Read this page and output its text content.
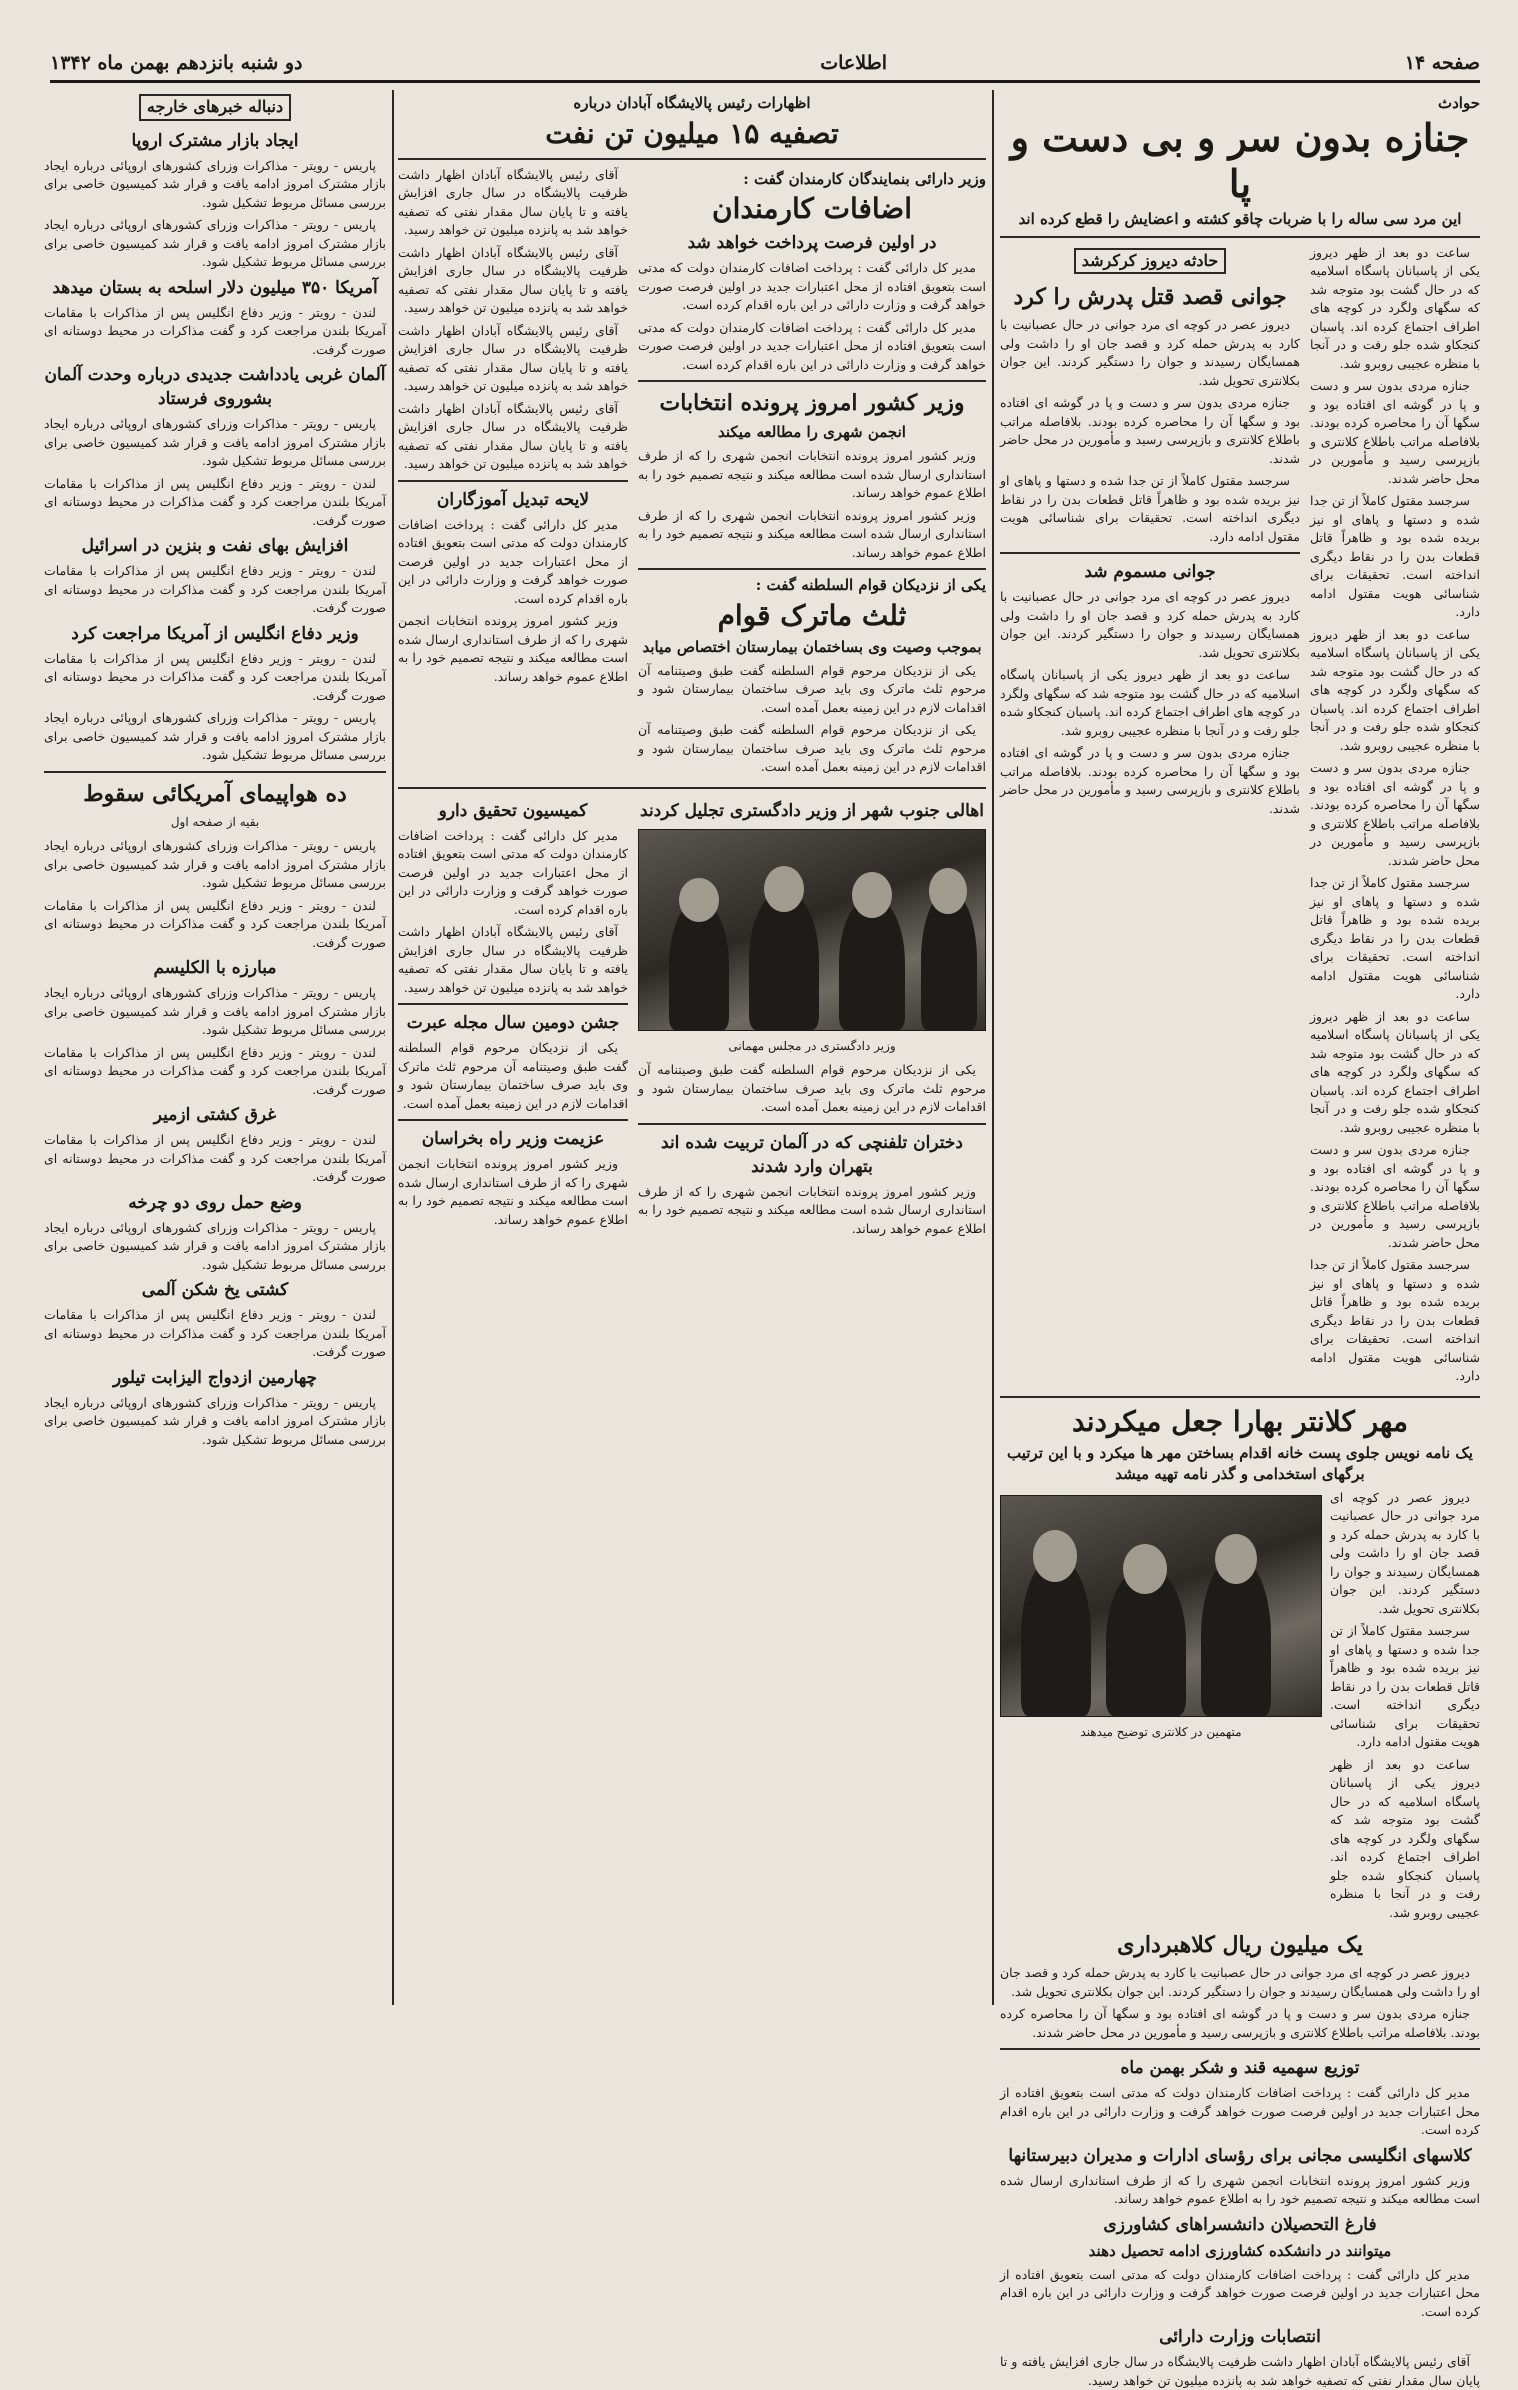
صفحه ۱۴
اطلاعات
دو شنبه بانزدهم بهمن ماه ۱۳۴۲
حوادث
جنازه بدون سر و بی دست و پا
این مرد سی ساله را با ضربات چاقو کشته و اعضایش را قطع کرده اند

ساعت دو بعد از ظهر دیروز یکی از پاسبانان پاسگاه اسلامیه که در حال گشت بود متوجه شد که سگهای ولگرد در کوچه های اطراف اجتماع کرده اند. پاسبان کنجکاو شده جلو رفت و در آنجا با منظره عجیبی روبرو شد.

جنازه مردی بدون سر و دست و پا در گوشه ای افتاده بود و سگها آن را محاصره کرده بودند. بلافاصله مراتب باطلاع کلانتری و بازپرسی رسید و مأمورین در محل حاضر شدند.

سرجسد مقتول کاملاً از تن جدا شده و دستها و پاهای او نیز بریده شده بود و ظاهراً قاتل قطعات بدن را در نقاط دیگری انداخته است. تحقیقات برای شناسائی هویت مقتول ادامه دارد.

ساعت دو بعد از ظهر دیروز یکی از پاسبانان پاسگاه اسلامیه که در حال گشت بود متوجه شد که سگهای ولگرد در کوچه های اطراف اجتماع کرده اند. پاسبان کنجکاو شده جلو رفت و در آنجا با منظره عجیبی روبرو شد.

جنازه مردی بدون سر و دست و پا در گوشه ای افتاده بود و سگها آن را محاصره کرده بودند. بلافاصله مراتب باطلاع کلانتری و بازپرسی رسید و مأمورین در محل حاضر شدند.

سرجسد مقتول کاملاً از تن جدا شده و دستها و پاهای او نیز بریده شده بود و ظاهراً قاتل قطعات بدن را در نقاط دیگری انداخته است. تحقیقات برای شناسائی هویت مقتول ادامه دارد.

ساعت دو بعد از ظهر دیروز یکی از پاسبانان پاسگاه اسلامیه که در حال گشت بود متوجه شد که سگهای ولگرد در کوچه های اطراف اجتماع کرده اند. پاسبان کنجکاو شده جلو رفت و در آنجا با منظره عجیبی روبرو شد.

جنازه مردی بدون سر و دست و پا در گوشه ای افتاده بود و سگها آن را محاصره کرده بودند. بلافاصله مراتب باطلاع کلانتری و بازپرسی رسید و مأمورین در محل حاضر شدند.

سرجسد مقتول کاملاً از تن جدا شده و دستها و پاهای او نیز بریده شده بود و ظاهراً قاتل قطعات بدن را در نقاط دیگری انداخته است. تحقیقات برای شناسائی هویت مقتول ادامه دارد.

حادثه دیروز کرکرشد
جوانی قصد قتل پدرش را کرد

دیروز عصر در کوچه ای مرد جوانی در حال عصبانیت با کارد به پدرش حمله کرد و قصد جان او را داشت ولی همسایگان رسیدند و جوان را دستگیر کردند. این جوان بکلانتری تحویل شد.

جنازه مردی بدون سر و دست و پا در گوشه ای افتاده بود و سگها آن را محاصره کرده بودند. بلافاصله مراتب باطلاع کلانتری و بازپرسی رسید و مأمورین در محل حاضر شدند.

سرجسد مقتول کاملاً از تن جدا شده و دستها و پاهای او نیز بریده شده بود و ظاهراً قاتل قطعات بدن را در نقاط دیگری انداخته است. تحقیقات برای شناسائی هویت مقتول ادامه دارد.

جوانی مسموم شد

دیروز عصر در کوچه ای مرد جوانی در حال عصبانیت با کارد به پدرش حمله کرد و قصد جان او را داشت ولی همسایگان رسیدند و جوان را دستگیر کردند. این جوان بکلانتری تحویل شد.

ساعت دو بعد از ظهر دیروز یکی از پاسبانان پاسگاه اسلامیه که در حال گشت بود متوجه شد که سگهای ولگرد در کوچه های اطراف اجتماع کرده اند. پاسبان کنجکاو شده جلو رفت و در آنجا با منظره عجیبی روبرو شد.

جنازه مردی بدون سر و دست و پا در گوشه ای افتاده بود و سگها آن را محاصره کرده بودند. بلافاصله مراتب باطلاع کلانتری و بازپرسی رسید و مأمورین در محل حاضر شدند.

مهر کلانتر بهارا جعل میکردند
یک نامه نویس جلوی پست خانه اقدام بساختن مهر ها میکرد و با این ترتیب برگهای استخدامی و گذر نامه تهیه میشد

دیروز عصر در کوچه ای مرد جوانی در حال عصبانیت با کارد به پدرش حمله کرد و قصد جان او را داشت ولی همسایگان رسیدند و جوان را دستگیر کردند. این جوان بکلانتری تحویل شد.

سرجسد مقتول کاملاً از تن جدا شده و دستها و پاهای او نیز بریده شده بود و ظاهراً قاتل قطعات بدن را در نقاط دیگری انداخته است. تحقیقات برای شناسائی هویت مقتول ادامه دارد.

ساعت دو بعد از ظهر دیروز یکی از پاسبانان پاسگاه اسلامیه که در حال گشت بود متوجه شد که سگهای ولگرد در کوچه های اطراف اجتماع کرده اند. پاسبان کنجکاو شده جلو رفت و در آنجا با منظره عجیبی روبرو شد.

متهمین در کلانتری توضیح میدهند
یک میلیون ریال کلاهبرداری

دیروز عصر در کوچه ای مرد جوانی در حال عصبانیت با کارد به پدرش حمله کرد و قصد جان او را داشت ولی همسایگان رسیدند و جوان را دستگیر کردند. این جوان بکلانتری تحویل شد.

جنازه مردی بدون سر و دست و پا در گوشه ای افتاده بود و سگها آن را محاصره کرده بودند. بلافاصله مراتب باطلاع کلانتری و بازپرسی رسید و مأمورین در محل حاضر شدند.

توزیع سهمیه قند و شکر بهمن ماه

مدیر کل دارائی گفت : پرداخت اضافات کارمندان دولت که مدتی است بتعویق افتاده از محل اعتبارات جدید در اولین فرصت صورت خواهد گرفت و وزارت دارائی در این باره اقدام کرده است.

کلاسهای انگلیسی مجانی برای رؤسای ادارات و مدیران دبیرستانها

وزیر کشور امروز پرونده انتخابات انجمن شهری را که از طرف استانداری ارسال شده است مطالعه میکند و نتیجه تصمیم خود را به اطلاع عموم خواهد رساند.

فارغ التحصیلان دانشسراهای کشاورزی
میتوانند در دانشکده کشاورزی ادامه تحصیل دهند

مدیر کل دارائی گفت : پرداخت اضافات کارمندان دولت که مدتی است بتعویق افتاده از محل اعتبارات جدید در اولین فرصت صورت خواهد گرفت و وزارت دارائی در این باره اقدام کرده است.

انتصابات وزارت دارائی

آقای رئیس پالایشگاه آبادان اظهار داشت ظرفیت پالایشگاه در سال جاری افزایش یافته و تا پایان سال مقدار نفتی که تصفیه خواهد شد به پانزده میلیون تن خواهد رسید.

اظهارات رئیس پالایشگاه آبادان درباره
تصفیه ۱۵ میلیون تن نفت
وزیر دارائی بنمایندگان کارمندان گفت :
اضافات کارمندان
در اولین فرصت پرداخت خواهد شد

مدیر کل دارائی گفت : پرداخت اضافات کارمندان دولت که مدتی است بتعویق افتاده از محل اعتبارات جدید در اولین فرصت صورت خواهد گرفت و وزارت دارائی در این باره اقدام کرده است.

مدیر کل دارائی گفت : پرداخت اضافات کارمندان دولت که مدتی است بتعویق افتاده از محل اعتبارات جدید در اولین فرصت صورت خواهد گرفت و وزارت دارائی در این باره اقدام کرده است.

وزیر کشور امروز پرونده انتخابات
انجمن شهری را مطالعه میکند

وزیر کشور امروز پرونده انتخابات انجمن شهری را که از طرف استانداری ارسال شده است مطالعه میکند و نتیجه تصمیم خود را به اطلاع عموم خواهد رساند.

وزیر کشور امروز پرونده انتخابات انجمن شهری را که از طرف استانداری ارسال شده است مطالعه میکند و نتیجه تصمیم خود را به اطلاع عموم خواهد رساند.

یکی از نزدیکان قوام السلطنه گفت :
ثلث ماترک قوام
بموجب وصیت وی بساختمان بیمارستان اختصاص میابد

یکی از نزدیکان مرحوم قوام السلطنه گفت طبق وصیتنامه آن مرحوم ثلث ماترک وی باید صرف ساختمان بیمارستان شود و اقدامات لازم در این زمینه بعمل آمده است.

یکی از نزدیکان مرحوم قوام السلطنه گفت طبق وصیتنامه آن مرحوم ثلث ماترک وی باید صرف ساختمان بیمارستان شود و اقدامات لازم در این زمینه بعمل آمده است.

آقای رئیس پالایشگاه آبادان اظهار داشت ظرفیت پالایشگاه در سال جاری افزایش یافته و تا پایان سال مقدار نفتی که تصفیه خواهد شد به پانزده میلیون تن خواهد رسید.

آقای رئیس پالایشگاه آبادان اظهار داشت ظرفیت پالایشگاه در سال جاری افزایش یافته و تا پایان سال مقدار نفتی که تصفیه خواهد شد به پانزده میلیون تن خواهد رسید.

آقای رئیس پالایشگاه آبادان اظهار داشت ظرفیت پالایشگاه در سال جاری افزایش یافته و تا پایان سال مقدار نفتی که تصفیه خواهد شد به پانزده میلیون تن خواهد رسید.

آقای رئیس پالایشگاه آبادان اظهار داشت ظرفیت پالایشگاه در سال جاری افزایش یافته و تا پایان سال مقدار نفتی که تصفیه خواهد شد به پانزده میلیون تن خواهد رسید.

لایحه تبدیل آموزگاران

مدیر کل دارائی گفت : پرداخت اضافات کارمندان دولت که مدتی است بتعویق افتاده از محل اعتبارات جدید در اولین فرصت صورت خواهد گرفت و وزارت دارائی در این باره اقدام کرده است.

وزیر کشور امروز پرونده انتخابات انجمن شهری را که از طرف استانداری ارسال شده است مطالعه میکند و نتیجه تصمیم خود را به اطلاع عموم خواهد رساند.

اهالی جنوب شهر از وزیر دادگستری تجلیل کردند
وزیر دادگستری در مجلس مهمانی

یکی از نزدیکان مرحوم قوام السلطنه گفت طبق وصیتنامه آن مرحوم ثلث ماترک وی باید صرف ساختمان بیمارستان شود و اقدامات لازم در این زمینه بعمل آمده است.

دختران تلفنچی که در آلمان تربیت شده اند بتهران وارد شدند

وزیر کشور امروز پرونده انتخابات انجمن شهری را که از طرف استانداری ارسال شده است مطالعه میکند و نتیجه تصمیم خود را به اطلاع عموم خواهد رساند.

کمیسیون تحقیق دارو

مدیر کل دارائی گفت : پرداخت اضافات کارمندان دولت که مدتی است بتعویق افتاده از محل اعتبارات جدید در اولین فرصت صورت خواهد گرفت و وزارت دارائی در این باره اقدام کرده است.

آقای رئیس پالایشگاه آبادان اظهار داشت ظرفیت پالایشگاه در سال جاری افزایش یافته و تا پایان سال مقدار نفتی که تصفیه خواهد شد به پانزده میلیون تن خواهد رسید.

جشن دومین سال مجله عبرت

یکی از نزدیکان مرحوم قوام السلطنه گفت طبق وصیتنامه آن مرحوم ثلث ماترک وی باید صرف ساختمان بیمارستان شود و اقدامات لازم در این زمینه بعمل آمده است.

عزیمت وزیر راه بخراسان

وزیر کشور امروز پرونده انتخابات انجمن شهری را که از طرف استانداری ارسال شده است مطالعه میکند و نتیجه تصمیم خود را به اطلاع عموم خواهد رساند.

دنباله خبرهای خارجه
ایجاد بازار مشترک اروپا

پاریس - رویتر - مذاکرات وزرای کشورهای اروپائی درباره ایجاد بازار مشترک امروز ادامه یافت و قرار شد کمیسیون خاصی برای بررسی مسائل مربوط تشکیل شود.

پاریس - رویتر - مذاکرات وزرای کشورهای اروپائی درباره ایجاد بازار مشترک امروز ادامه یافت و قرار شد کمیسیون خاصی برای بررسی مسائل مربوط تشکیل شود.

آمریکا ۳۵۰ میلیون دلار اسلحه به بستان میدهد

لندن - رویتر - وزیر دفاع انگلیس پس از مذاکرات با مقامات آمریکا بلندن مراجعت کرد و گفت مذاکرات در محیط دوستانه ای صورت گرفت.

آلمان غربی یادداشت جدیدی درباره وحدت آلمان بشوروی فرستاد

پاریس - رویتر - مذاکرات وزرای کشورهای اروپائی درباره ایجاد بازار مشترک امروز ادامه یافت و قرار شد کمیسیون خاصی برای بررسی مسائل مربوط تشکیل شود.

لندن - رویتر - وزیر دفاع انگلیس پس از مذاکرات با مقامات آمریکا بلندن مراجعت کرد و گفت مذاکرات در محیط دوستانه ای صورت گرفت.

افزایش بهای نفت و بنزین در اسرائیل

لندن - رویتر - وزیر دفاع انگلیس پس از مذاکرات با مقامات آمریکا بلندن مراجعت کرد و گفت مذاکرات در محیط دوستانه ای صورت گرفت.

وزیر دفاع انگلیس از آمریکا مراجعت کرد

لندن - رویتر - وزیر دفاع انگلیس پس از مذاکرات با مقامات آمریکا بلندن مراجعت کرد و گفت مذاکرات در محیط دوستانه ای صورت گرفت.

پاریس - رویتر - مذاکرات وزرای کشورهای اروپائی درباره ایجاد بازار مشترک امروز ادامه یافت و قرار شد کمیسیون خاصی برای بررسی مسائل مربوط تشکیل شود.

ده هواپیمای آمریکائی سقوط
بقیه از صفحه اول

پاریس - رویتر - مذاکرات وزرای کشورهای اروپائی درباره ایجاد بازار مشترک امروز ادامه یافت و قرار شد کمیسیون خاصی برای بررسی مسائل مربوط تشکیل شود.

لندن - رویتر - وزیر دفاع انگلیس پس از مذاکرات با مقامات آمریکا بلندن مراجعت کرد و گفت مذاکرات در محیط دوستانه ای صورت گرفت.

مبارزه با الکلیسم

پاریس - رویتر - مذاکرات وزرای کشورهای اروپائی درباره ایجاد بازار مشترک امروز ادامه یافت و قرار شد کمیسیون خاصی برای بررسی مسائل مربوط تشکیل شود.

لندن - رویتر - وزیر دفاع انگلیس پس از مذاکرات با مقامات آمریکا بلندن مراجعت کرد و گفت مذاکرات در محیط دوستانه ای صورت گرفت.

غرق کشتی ازمیر

لندن - رویتر - وزیر دفاع انگلیس پس از مذاکرات با مقامات آمریکا بلندن مراجعت کرد و گفت مذاکرات در محیط دوستانه ای صورت گرفت.

وضع حمل روی دو چرخه

پاریس - رویتر - مذاکرات وزرای کشورهای اروپائی درباره ایجاد بازار مشترک امروز ادامه یافت و قرار شد کمیسیون خاصی برای بررسی مسائل مربوط تشکیل شود.

کشتی یخ شکن آلمی

لندن - رویتر - وزیر دفاع انگلیس پس از مذاکرات با مقامات آمریکا بلندن مراجعت کرد و گفت مذاکرات در محیط دوستانه ای صورت گرفت.

چهارمین ازدواج الیزابت تیلور

پاریس - رویتر - مذاکرات وزرای کشورهای اروپائی درباره ایجاد بازار مشترک امروز ادامه یافت و قرار شد کمیسیون خاصی برای بررسی مسائل مربوط تشکیل شود.
